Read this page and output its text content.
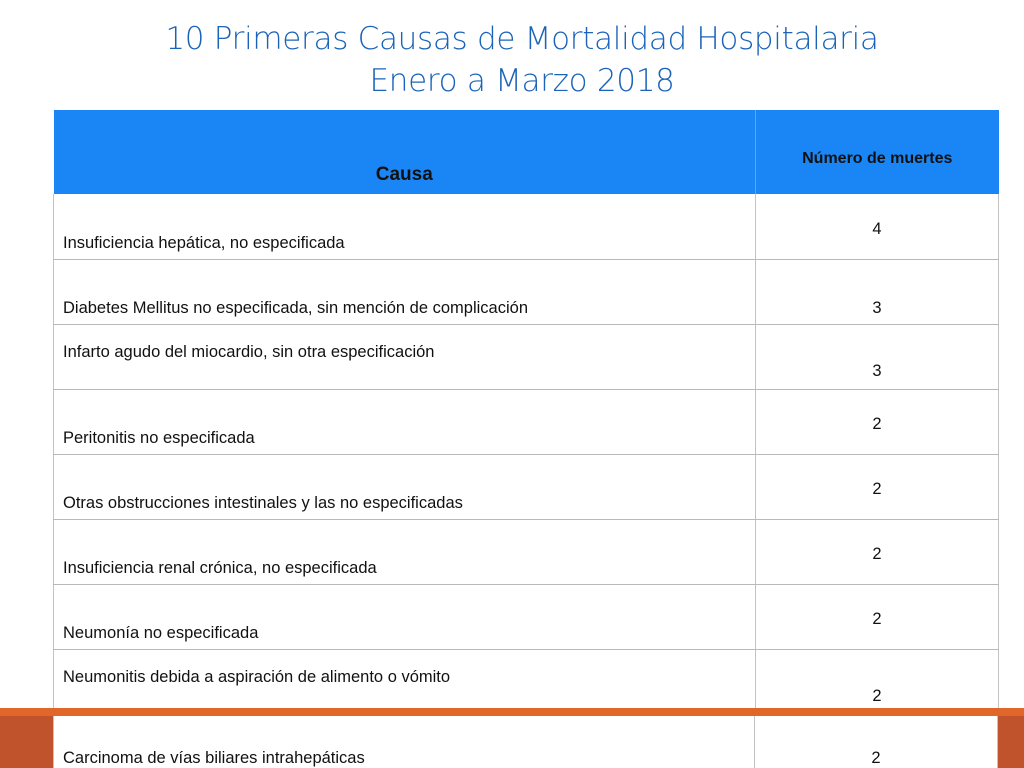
10 Primeras Causas de Mortalidad Hospitalaria
Enero a Marzo 2018
Causa	Número de muertes
Insuficiencia hepática, no especificada	4
Diabetes Mellitus no especificada, sin mención de complicación	3
Infarto agudo del miocardio, sin otra especificación	3
Peritonitis no especificada	2
Otras obstrucciones intestinales y las no especificadas	2
Insuficiencia renal crónica, no especificada	2
Neumonía no especificada	2
Neumonitis debida a aspiración de alimento o vómito	2
Carcinoma de vías biliares intrahepáticas	2
Fuente: SIMMOW
